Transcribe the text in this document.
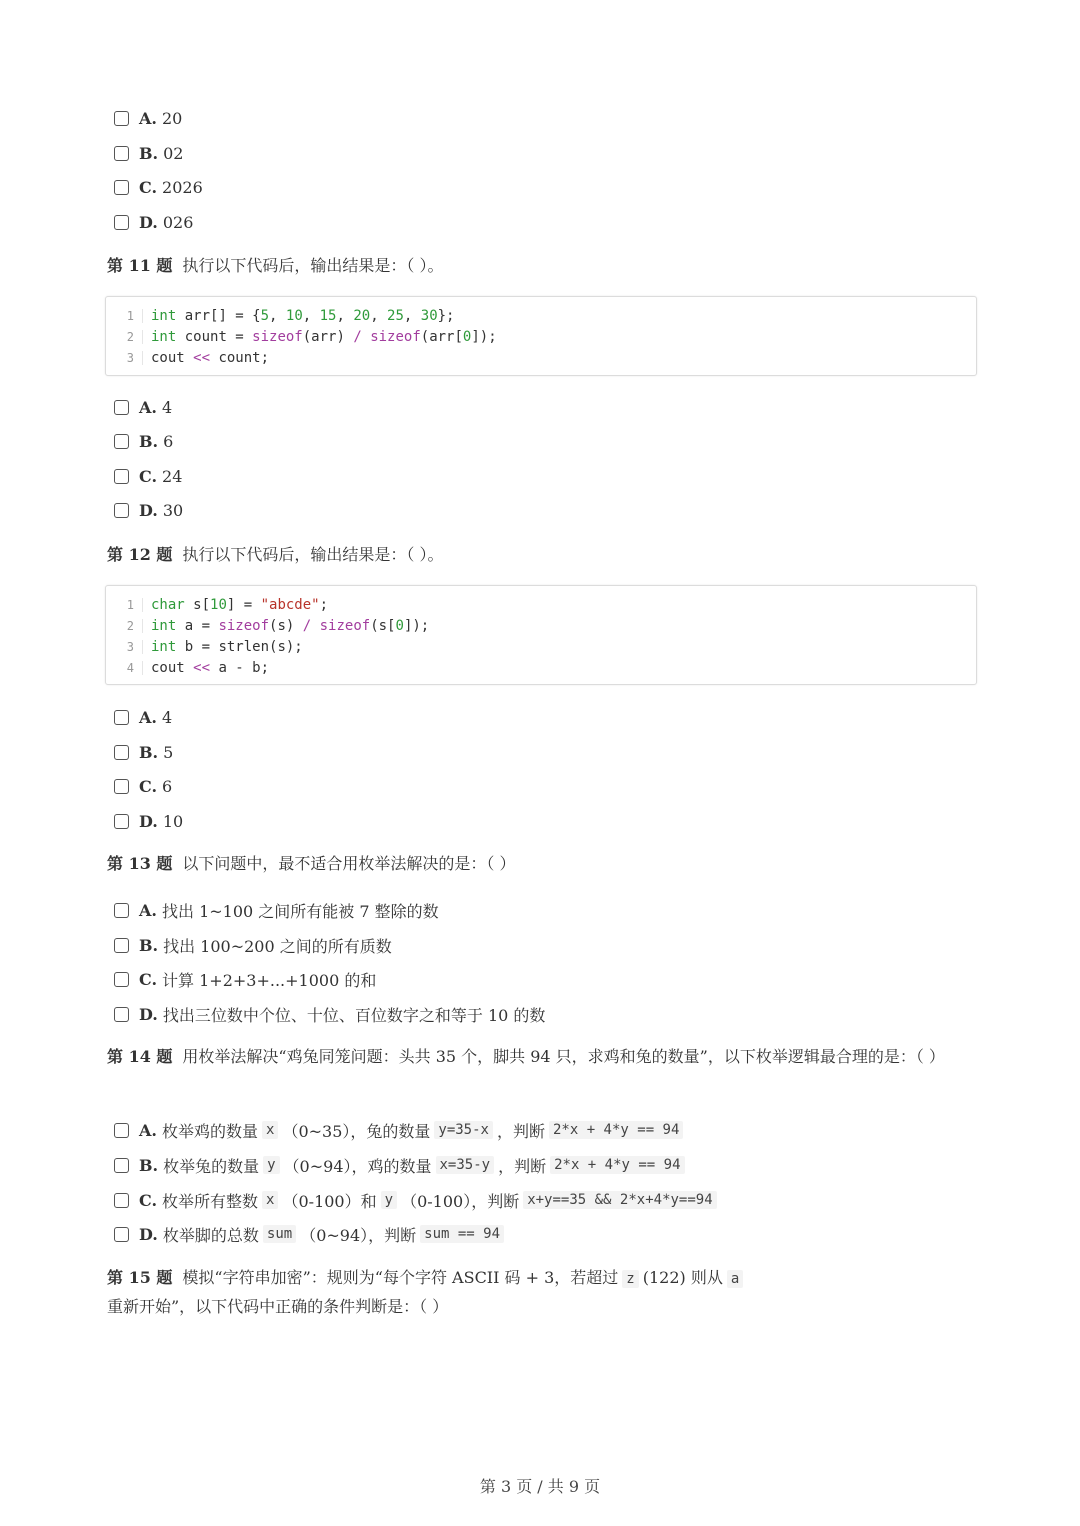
A. 20
B. 02
C. 2026
D. 026
第 11 题 执行以下代码后，输出结果是：（ ）。
1	int arr[] = { 5 , 10 , 15 , 20 , 25 , 30 };
2	int count = sizeof (arr) /
sizeof (arr[ 0 ]);
3	cout << count;
A. 4
B. 6
C. 24
D. 30
第 12 题 执行以下代码后，输出结果是：（ ）。
1	char s[ 10 ] = "abcde" ;
2	int a = sizeof (s) /
sizeof (s[ 0 ]);
3	int b = strlen(s);
4	cout << a - b;
A. 4
B. 5
C. 6
D. 10
第 13 题 以下问题中，最不适合用枚举法解决的是：（ ）
A. 找出 1~100 之间所有能被 7 整除的数
B. 找出 100~200 之间的所有质数
C. 计算 1+2+3+...+1000 的和
D. 找出三位数中个位、十位、百位数字之和等于 10 的数
第 14 题 用枚举法解决“鸡兔同笼问题：头共 35 个，脚共 94 只，求鸡和兔的数量”，以下枚举逻辑最合理的是：（ ）
A. 枚举鸡的数量 x （0~35），兔的数量 y=35-x ，判断 2*x + 4*y == 94
B. 枚举兔的数量 y （0~94），鸡的数量 x=35-y ，判断 2*x + 4*y == 94
C. 枚举所有整数 x （0-100）和 y （0-100），判断 x+y==35 && 2*x+4*y==94
D. 枚举脚的总数 sum （0~94），判断 sum == 94
第 15 题 模拟“字符串加密”：规则为“每个字符 ASCII 码 + 3，若超过 z (122) 则从 a重新开始”，以下代码中正确的条件判断是：（ ）
第 3 页 / 共 9 页
